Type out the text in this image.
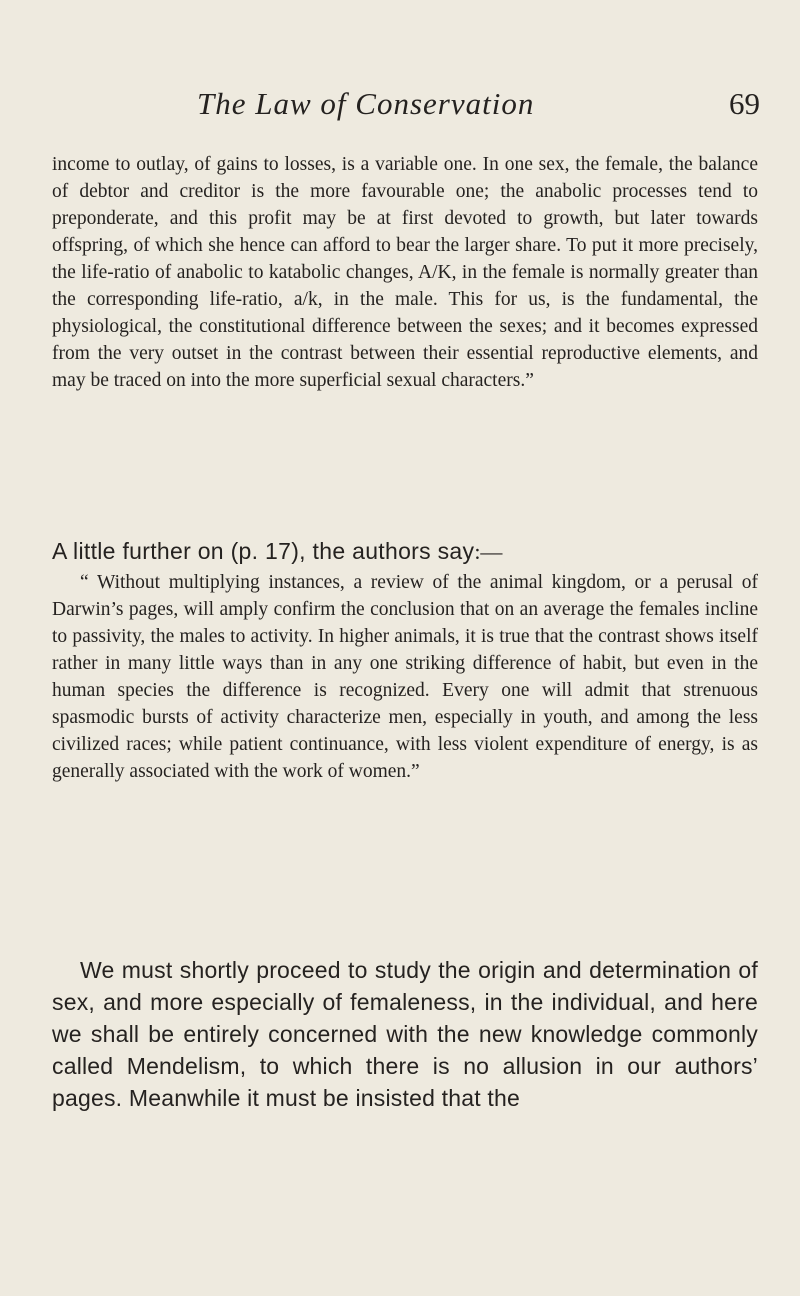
The Law of Conservation	69

income to outlay, of gains to losses, is a variable one. In one sex, the female, the balance of debtor and creditor is the more favourable one; the anabolic processes tend to preponderate, and this profit may be at first devoted to growth, but later towards offspring, of which she hence can afford to bear the larger share. To put it more precisely, the life-ratio of anabolic to katabolic changes, A/K, in the female is normally greater than the corresponding life-ratio, a/k, in the male. This for us, is the fundamental, the physiological, the constitutional difference between the sexes; and it becomes expressed from the very outset in the contrast between their essential reproductive elements, and may be traced on into the more superficial sexual characters.”

A little further on (p. 17), the authors say:—

“ Without multiplying instances, a review of the animal kingdom, or a perusal of Darwin’s pages, will amply confirm the conclusion that on an average the females incline to passivity, the males to activity. In higher animals, it is true that the contrast shows itself rather in many little ways than in any one striking difference of habit, but even in the human species the difference is recognized. Every one will admit that strenuous spasmodic bursts of activity characterize men, especially in youth, and among the less civilized races; while patient continuance, with less violent expenditure of energy, is as generally associated with the work of women.”

We must shortly proceed to study the origin and determination of sex, and more especially of femaleness, in the individual, and here we shall be entirely concerned with the new knowledge commonly called Mendelism, to which there is no allusion in our authors’ pages. Meanwhile it must be insisted that the
